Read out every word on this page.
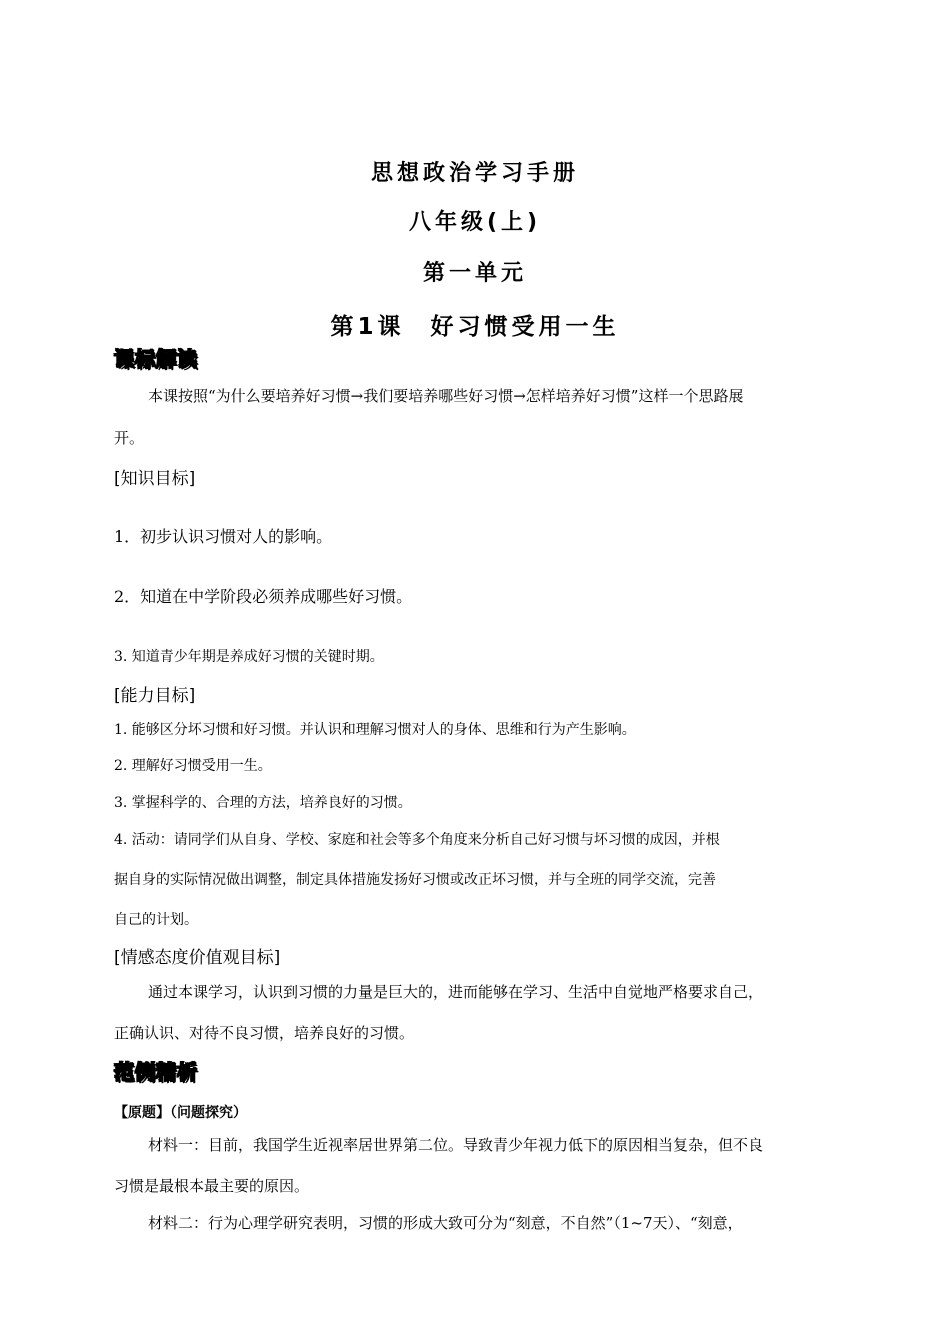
思想政治学习手册
八年级(上)
第一单元
第1课 好习惯受用一生
课标解读
本课按照“为什么要培养好习惯→我们要培养哪些好习惯→怎样培养好习惯”这样一个思路展
开。
[知识目标]
1．初步认识习惯对人的影响。
2．知道在中学阶段必须养成哪些好习惯。
3. 知道青少年期是养成好习惯的关键时期。
[能力目标]
1. 能够区分坏习惯和好习惯。并认识和理解习惯对人的身体、思维和行为产生影响。
2. 理解好习惯受用一生。
3. 掌握科学的、合理的方法，培养良好的习惯。
4. 活动：请同学们从自身、学校、家庭和社会等多个角度来分析自己好习惯与坏习惯的成因，并根
据自身的实际情况做出调整，制定具体措施发扬好习惯或改正坏习惯，并与全班的同学交流，完善
自己的计划。
[情感态度价值观目标]
通过本课学习，认识到习惯的力量是巨大的，进而能够在学习、生活中自觉地严格要求自己，
正确认识、对待不良习惯，培养良好的习惯。
范例精析
【原题】（问题探究）
材料一：目前，我国学生近视率居世界第二位。导致青少年视力低下的原因相当复杂，但不良
习惯是最根本最主要的原因。
材料二：行为心理学研究表明，习惯的形成大致可分为“刻意，不自然”（1~7天）、“刻意，
